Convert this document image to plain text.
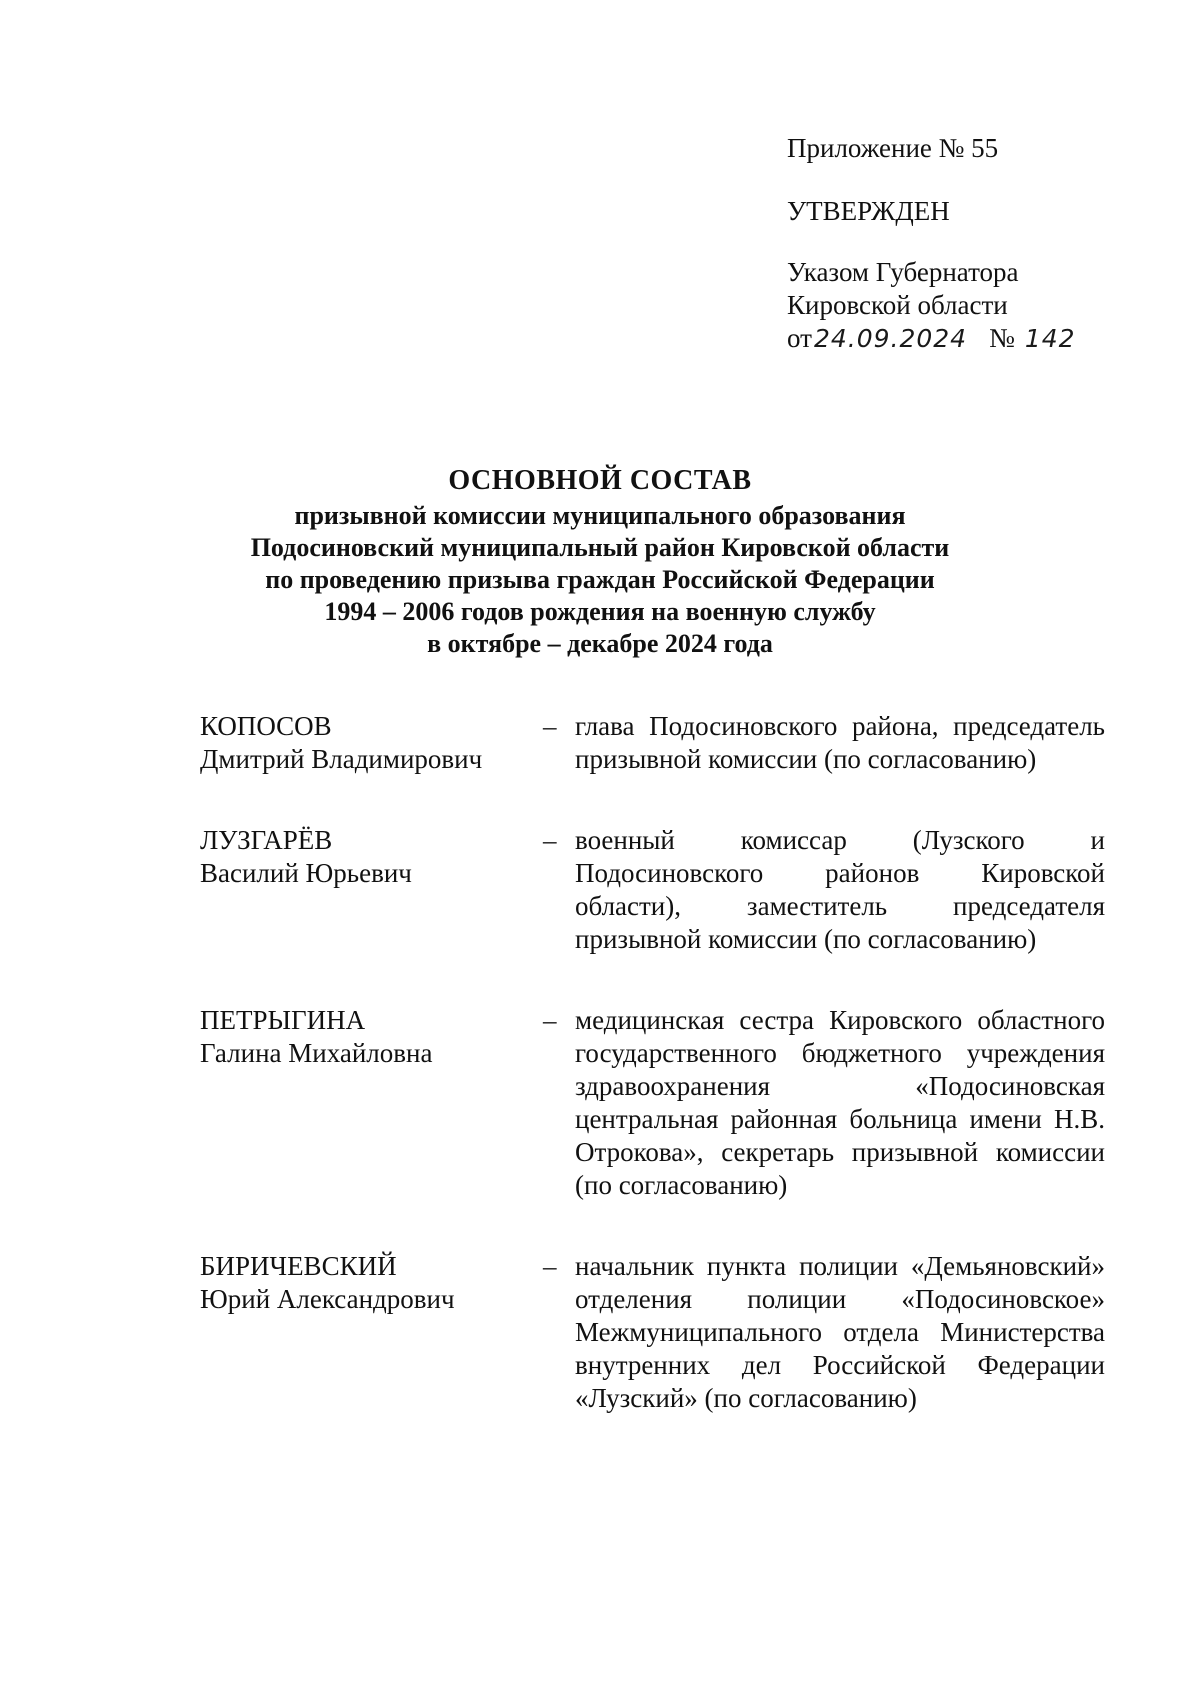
Приложение № 55
УТВЕРЖДЕН
Указом Губернатора
Кировской области
от24.09.2024 № 142
ОСНОВНОЙ СОСТАВ
призывной комиссии муниципального образования
Подосиновский муниципальный район Кировской области
по проведению призыва граждан Российской Федерации
1994 – 2006 годов рождения на военную службу
в октябре – декабре 2024 года
КОПОСОВ
Дмитрий Владимирович
– глава Подосиновского района, председатель призывной комиссии (по согласованию)
ЛУЗГАРЁВ
Василий Юрьевич
– военный комиссар (Лузского и Подосиновского районов Кировской области), заместитель председателя призывной комиссии (по согласованию)
ПЕТРЫГИНА
Галина Михайловна
– медицинская сестра Кировского областного государственного бюджетного учреждения здравоохранения «Подосиновская центральная районная больница имени Н.В. Отрокова», секретарь призывной комиссии (по согласованию)
БИРИЧЕВСКИЙ
Юрий Александрович
– начальник пункта полиции «Демьяновский» отделения полиции «Подосиновское» Межмуниципального отдела Министерства внутренних дел Российской Федерации «Лузский» (по согласованию)
